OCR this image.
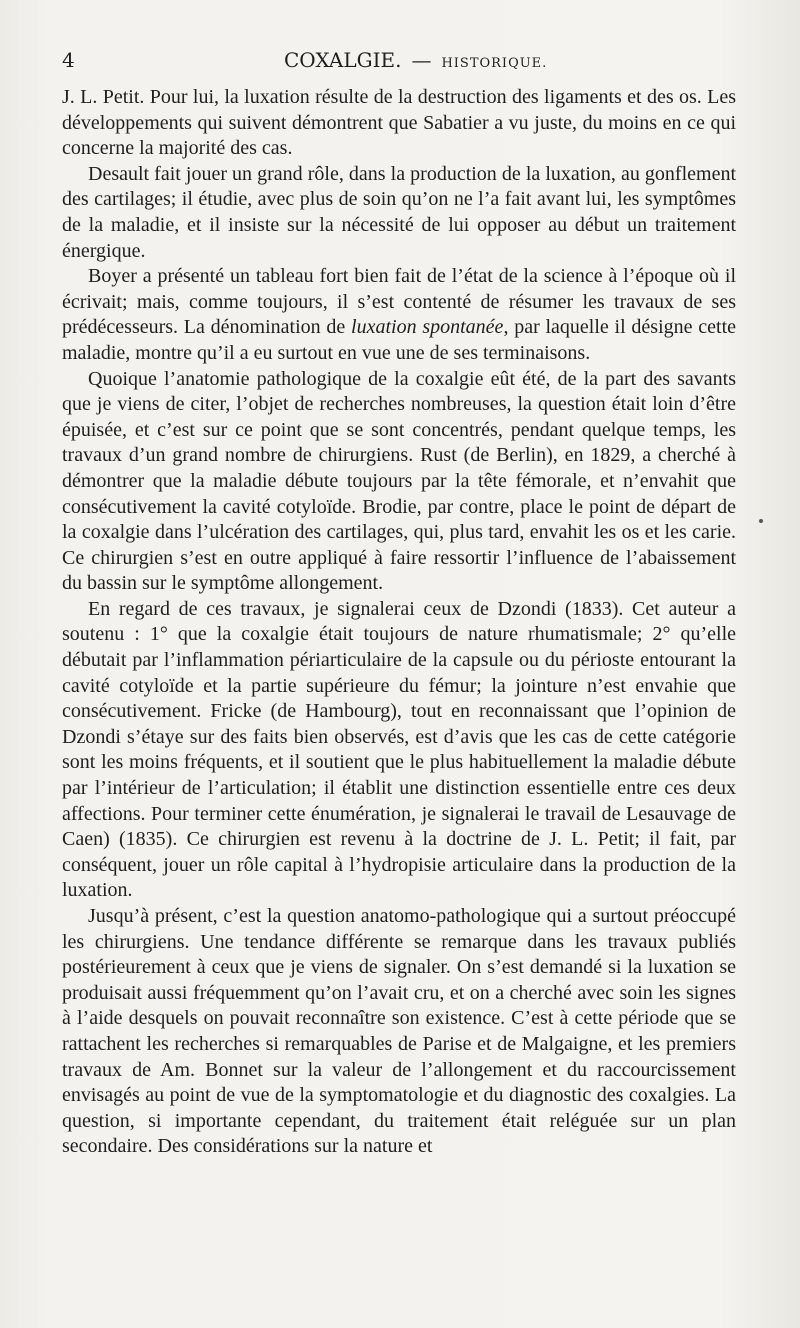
4	COXALGIE. — HISTORIQUE.

J. L. Petit. Pour lui, la luxation résulte de la destruction des ligaments et des os. Les développements qui suivent démontrent que Sabatier a vu juste, du moins en ce qui concerne la majorité des cas.

Desault fait jouer un grand rôle, dans la production de la luxation, au gonflement des cartilages; il étudie, avec plus de soin qu’on ne l’a fait avant lui, les symptômes de la maladie, et il insiste sur la nécessité de lui opposer au début un traitement énergique.

Boyer a présenté un tableau fort bien fait de l’état de la science à l’époque où il écrivait; mais, comme toujours, il s’est contenté de résumer les travaux de ses prédécesseurs. La dénomination de luxation spontanée, par laquelle il désigne cette maladie, montre qu’il a eu surtout en vue une de ses terminaisons.

Quoique l’anatomie pathologique de la coxalgie eût été, de la part des savants que je viens de citer, l’objet de recherches nombreuses, la question était loin d’être épuisée, et c’est sur ce point que se sont concentrés, pendant quelque temps, les travaux d’un grand nombre de chirurgiens. Rust (de Berlin), en 1829, a cherché à démontrer que la maladie débute toujours par la tête fémorale, et n’envahit que consécutivement la cavité cotyloïde. Brodie, par contre, place le point de départ de la coxalgie dans l’ulcération des cartilages, qui, plus tard, envahit les os et les carie. Ce chirurgien s’est en outre appliqué à faire ressortir l’influence de l’abaissement du bassin sur le symptôme allongement.

En regard de ces travaux, je signalerai ceux de Dzondi (1833). Cet auteur a soutenu : 1° que la coxalgie était toujours de nature rhumatismale; 2° qu’elle débutait par l’inflammation périarticulaire de la capsule ou du périoste entourant la cavité cotyloïde et la partie supérieure du fémur; la jointure n’est envahie que consécutivement. Fricke (de Hambourg), tout en reconnaissant que l’opinion de Dzondi s’étaye sur des faits bien observés, est d’avis que les cas de cette catégorie sont les moins fréquents, et il soutient que le plus habituellement la maladie débute par l’intérieur de l’articulation; il établit une distinction essentielle entre ces deux affections. Pour terminer cette énumération, je signalerai le travail de Lesauvage de Caen) (1835). Ce chirurgien est revenu à la doctrine de J. L. Petit; il fait, par conséquent, jouer un rôle capital à l’hydropisie articulaire dans la production de la luxation.

Jusqu’à présent, c’est la question anatomo-pathologique qui a surtout préoccupé les chirurgiens. Une tendance différente se remarque dans les travaux publiés postérieurement à ceux que je viens de signaler. On s’est demandé si la luxation se produisait aussi fréquemment qu’on l’avait cru, et on a cherché avec soin les signes à l’aide desquels on pouvait reconnaître son existence. C’est à cette période que se rattachent les recherches si remarquables de Parise et de Malgaigne, et les premiers travaux de Am. Bonnet sur la valeur de l’allongement et du raccourcissement envisagés au point de vue de la symptomatologie et du diagnostic des coxalgies. La question, si importante cependant, du traitement était reléguée sur un plan secondaire. Des considérations sur la nature et
